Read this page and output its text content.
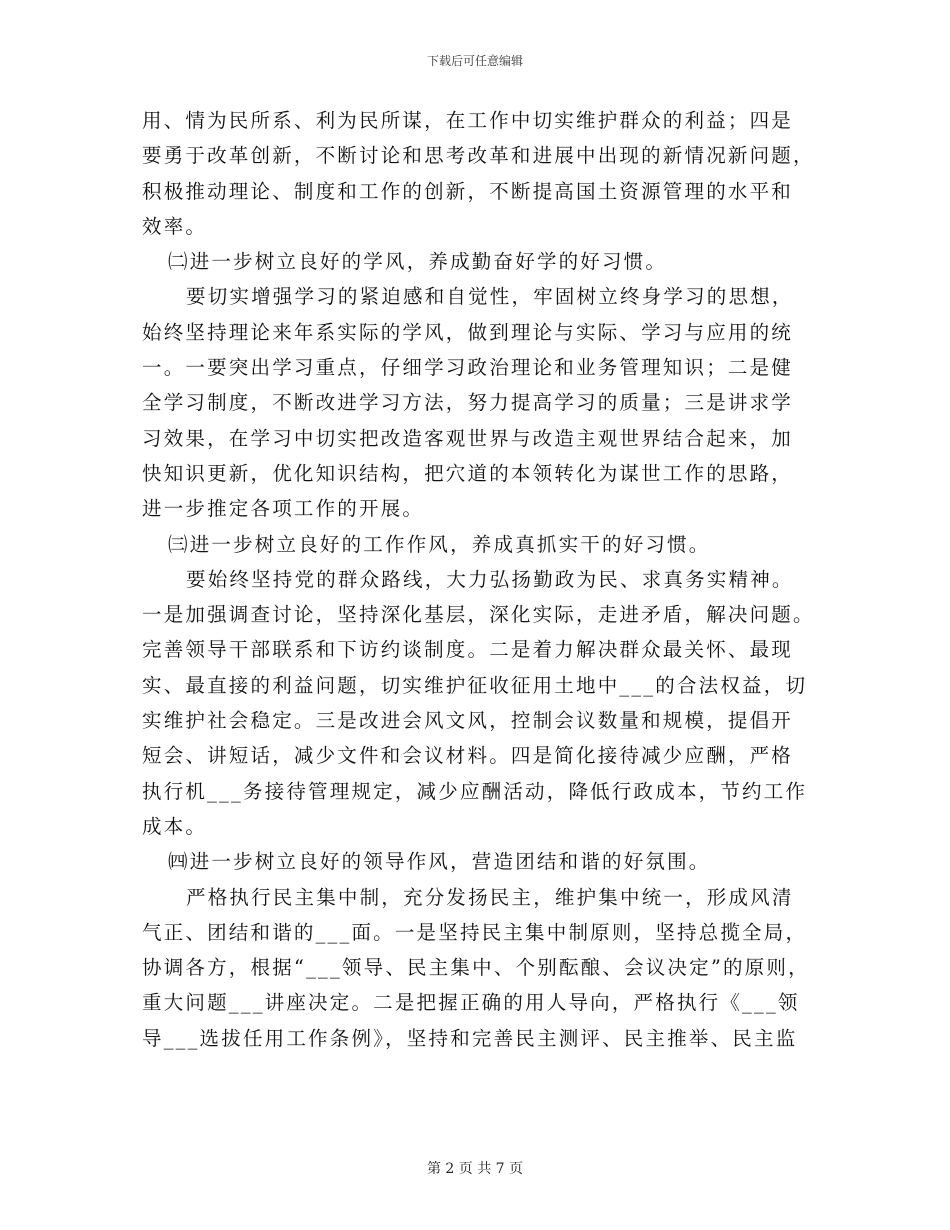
下载后可任意编辑
用、情为民所系、利为民所谋，在工作中切实维护群众的利益；四是
要勇于改革创新，不断讨论和思考改革和进展中出现的新情况新问题，
积极推动理论、制度和工作的创新，不断提高国土资源管理的水平和
效率。
㈡进一步树立良好的学风，养成勤奋好学的好习惯。
要切实增强学习的紧迫感和自觉性，牢固树立终身学习的思想，
始终坚持理论来年系实际的学风，做到理论与实际、学习与应用的统
一。一要突出学习重点，仔细学习政治理论和业务管理知识；二是健
全学习制度，不断改进学习方法，努力提高学习的质量；三是讲求学
习效果，在学习中切实把改造客观世界与改造主观世界结合起来，加
快知识更新，优化知识结构，把穴道的本领转化为谋世工作的思路，
进一步推定各项工作的开展。
㈢进一步树立良好的工作作风，养成真抓实干的好习惯。
要始终坚持党的群众路线，大力弘扬勤政为民、求真务实精神。
一是加强调查讨论，坚持深化基层，深化实际，走进矛盾，解决问题。
完善领导干部联系和下访约谈制度。二是着力解决群众最关怀、最现
实、最直接的利益问题，切实维护征收征用土地中___的合法权益，切
实维护社会稳定。三是改进会风文风，控制会议数量和规模，提倡开
短会、讲短话，减少文件和会议材料。四是简化接待减少应酬，严格
执行机___务接待管理规定，减少应酬活动，降低行政成本，节约工作
成本。
㈣进一步树立良好的领导作风，营造团结和谐的好氛围。
严格执行民主集中制，充分发扬民主，维护集中统一，形成风清
气正、团结和谐的___面。一是坚持民主集中制原则，坚持总揽全局，
协调各方，根据“___领导、民主集中、个别酝酿、会议决定”的原则，
重大问题___讲座决定。二是把握正确的用人导向，严格执行《___领
导___选拔任用工作条例》，坚持和完善民主测评、民主推举、民主监
第 2 页 共 7 页
